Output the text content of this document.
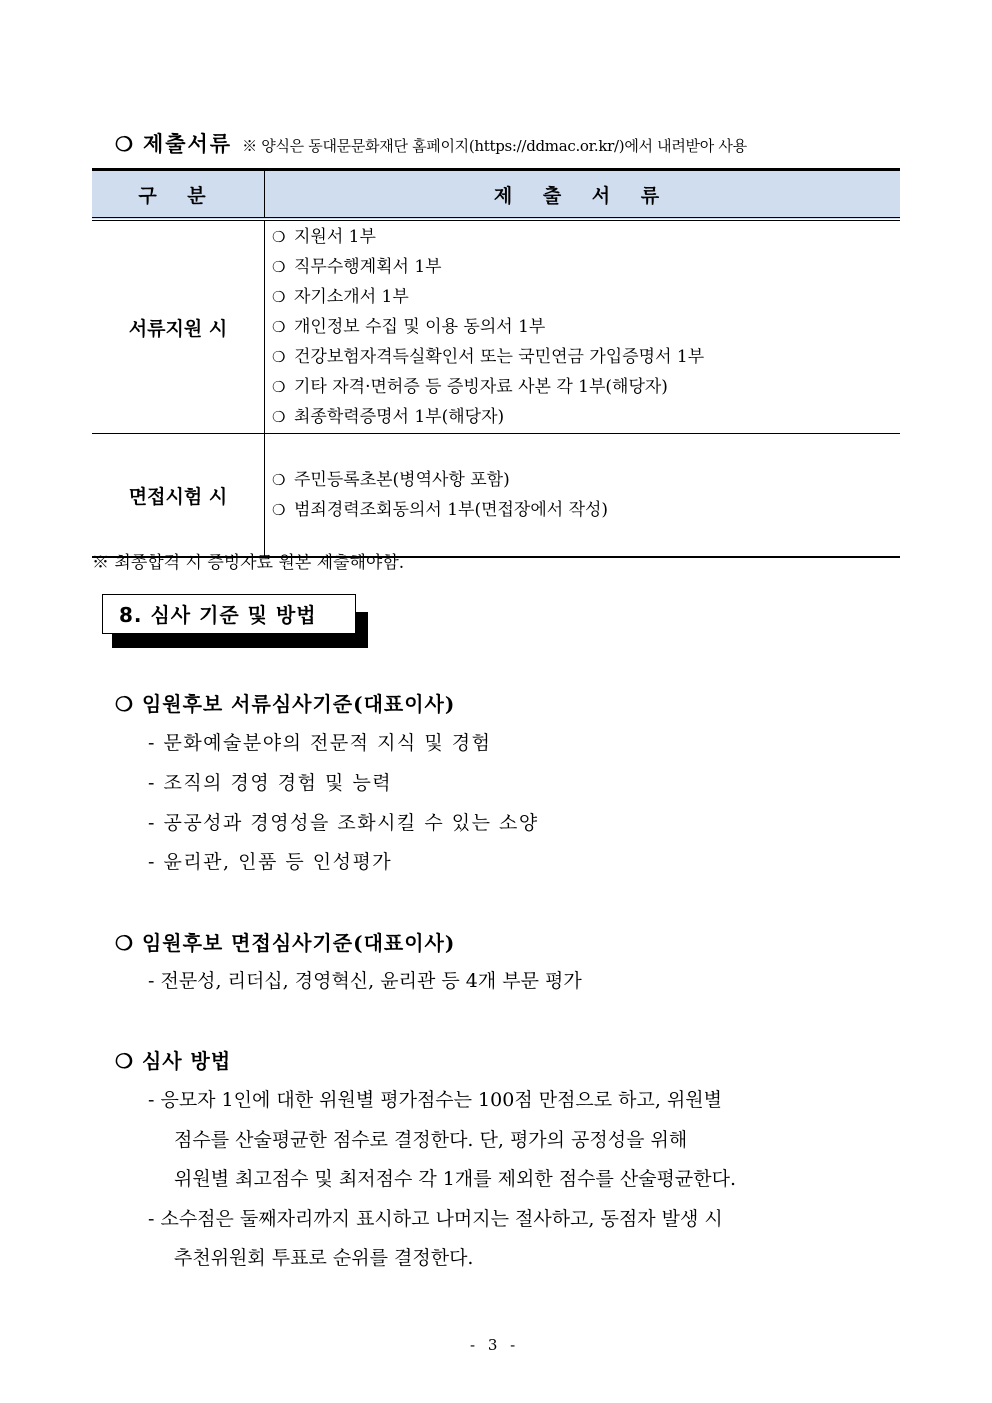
❍ 제출서류 ※ 양식은 동대문문화재단 홈페이지(https://ddmac.or.kr/)에서 내려받아 사용
구 분	제 출 서 류
서류지원 시	
❍ 지원서 1부
❍ 직무수행계획서 1부
❍ 자기소개서 1부
❍ 개인정보 수집 및 이용 동의서 1부
❍ 건강보험자격득실확인서 또는 국민연금 가입증명서 1부
❍ 기타 자격·면허증 등 증빙자료 사본 각 1부(해당자)
❍ 최종학력증명서 1부(해당자)

면접시험 시	
❍ 주민등록초본(병역사항 포함)
❍ 범죄경력조회동의서 1부(면접장에서 작성)
※ 최종합격 시 증빙자료 원본 제출해야함.
8. 심사 기준 및 방법
❍ 임원후보 서류심사기준(대표이사)
- 문화예술분야의 전문적 지식 및 경험
- 조직의 경영 경험 및 능력
- 공공성과 경영성을 조화시킬 수 있는 소양
- 윤리관, 인품 등 인성평가
❍ 임원후보 면접심사기준(대표이사)
- 전문성, 리더십, 경영혁신, 윤리관 등 4개 부문 평가
❍ 심사 방법
- 응모자 1인에 대한 위원별 평가점수는 100점 만점으로 하고, 위원별
점수를 산술평균한 점수로 결정한다. 단, 평가의 공정성을 위해
위원별 최고점수 및 최저점수 각 1개를 제외한 점수를 산술평균한다.
- 소수점은 둘째자리까지 표시하고 나머지는 절사하고, 동점자 발생 시
추천위원회 투표로 순위를 결정한다.
- 3 -
